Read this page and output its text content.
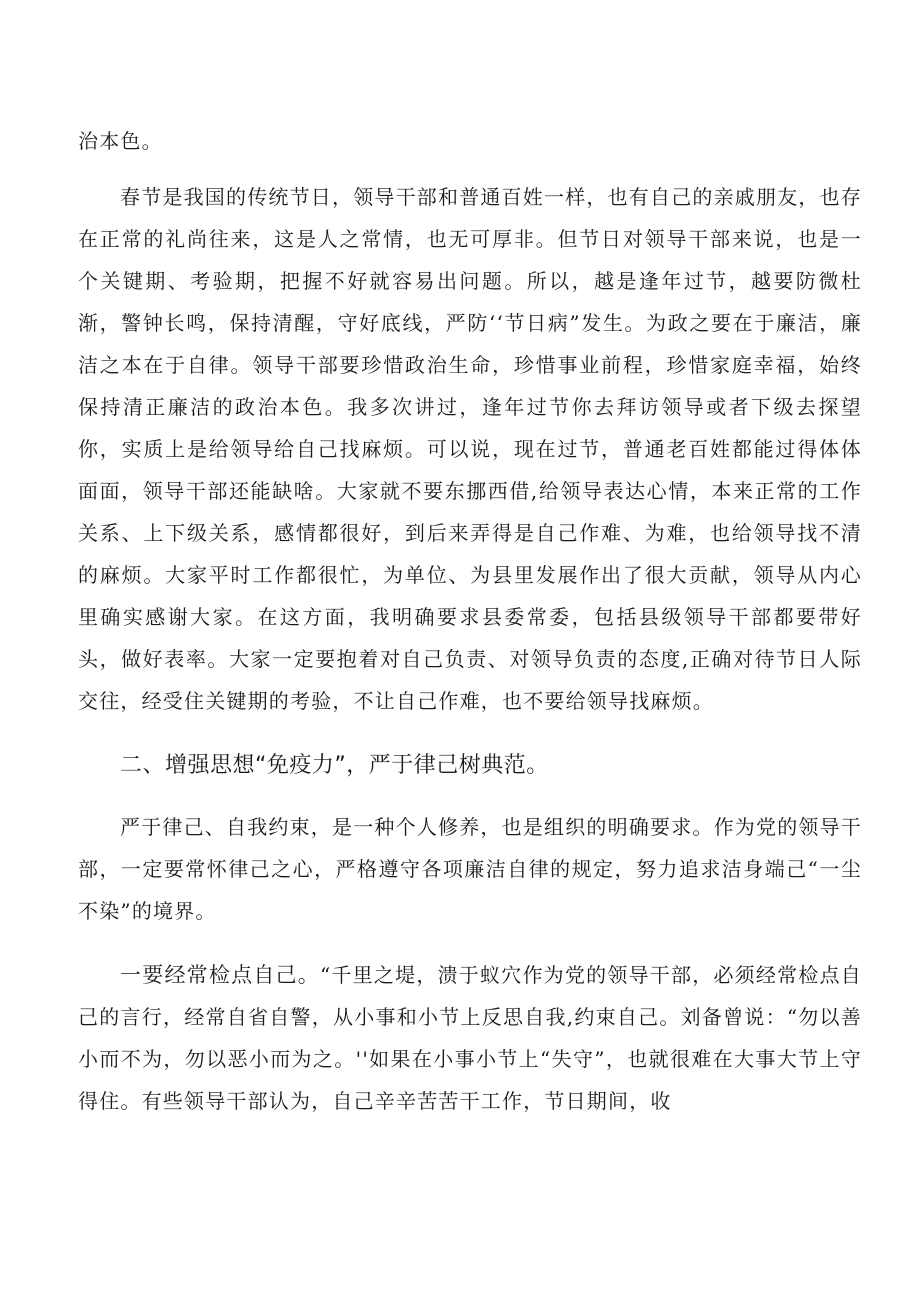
治本色。

春节是我国的传统节日，领导干部和普通百姓一样，也有自己的亲戚朋友，也存在正常的礼尚往来，这是人之常情，也无可厚非。但节日对领导干部来说，也是一个关键期、考验期，把握不好就容易出问题。所以，越是逢年过节，越要防微杜渐，警钟长鸣，保持清醒，守好底线，严防‘‘节日病”发生。为政之要在于廉洁，廉洁之本在于自律。领导干部要珍惜政治生命，珍惜事业前程，珍惜家庭幸福，始终保持清正廉洁的政治本色。我多次讲过，逢年过节你去拜访领导或者下级去探望你，实质上是给领导给自己找麻烦。可以说，现在过节，普通老百姓都能过得体体面面，领导干部还能缺啥。大家就不要东挪西借,给领导表达心情，本来正常的工作关系、上下级关系，感情都很好，到后来弄得是自己作难、为难，也给领导找不清的麻烦。大家平时工作都很忙，为单位、为县里发展作出了很大贡献，领导从内心里确实感谢大家。在这方面，我明确要求县委常委，包括县级领导干部都要带好头，做好表率。大家一定要抱着对自己负责、对领导负责的态度,正确对待节日人际交往，经受住关键期的考验，不让自己作难，也不要给领导找麻烦。

二、增强思想“免疫力”，严于律己树典范。

严于律己、自我约束，是一种个人修养，也是组织的明确要求。作为党的领导干部，一定要常怀律己之心，严格遵守各项廉洁自律的规定，努力追求洁身端己“一尘不染”的境界。

一要经常检点自己。“千里之堤，溃于蚁穴作为党的领导干部，必须经常检点自己的言行，经常自省自警，从小事和小节上反思自我,约束自己。刘备曾说：“勿以善小而不为，勿以恶小而为之。''如果在小事小节上“失守”，也就很难在大事大节上守得住。有些领导干部认为，自己辛辛苦苦干工作，节日期间，收
